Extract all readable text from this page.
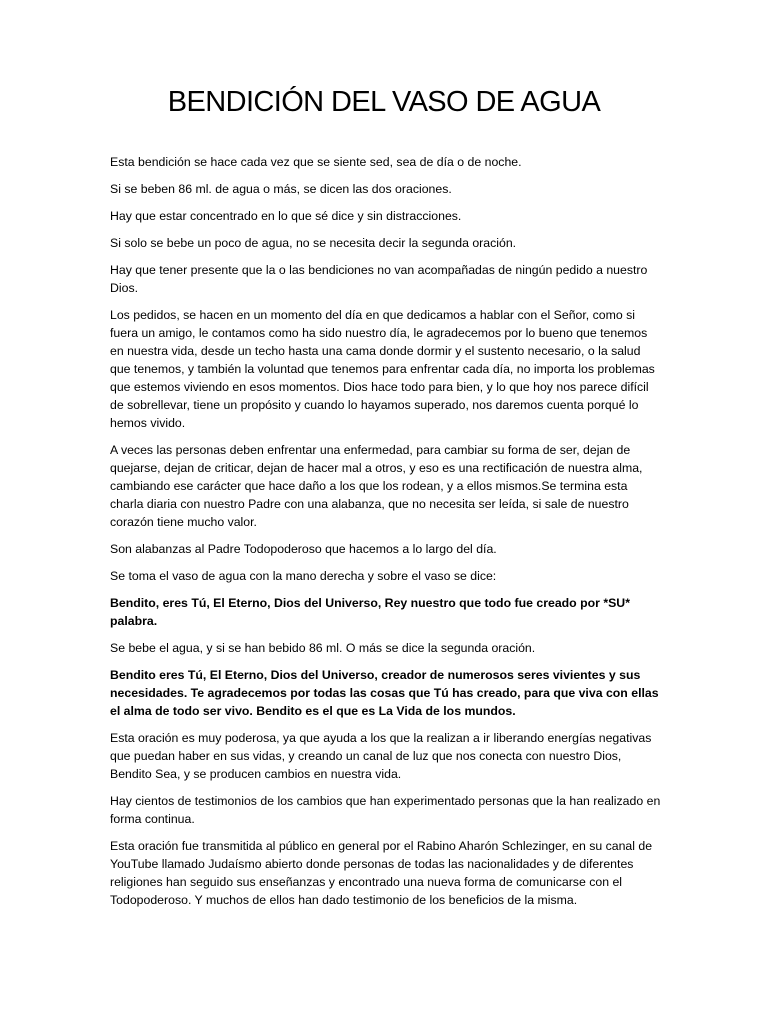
BENDICIÓN DEL VASO DE AGUA

Esta bendición se hace cada vez que se siente sed, sea de día o de noche.

Si se beben 86 ml. de agua o más, se dicen las dos oraciones.

Hay que estar concentrado en lo que sé dice y sin distracciones.

Si solo se bebe un poco de agua, no se necesita decir la segunda oración.

Hay que tener presente que la o las bendiciones no van acompañadas de ningún pedido a nuestro Dios.

Los pedidos, se hacen en un momento del día en que dedicamos a hablar con el Señor, como si fuera un amigo, le contamos como ha sido nuestro día, le agradecemos por lo bueno que tenemos en nuestra vida, desde un techo hasta una cama donde dormir y el sustento necesario, o la salud que tenemos, y también la voluntad que tenemos para enfrentar cada día, no importa los problemas que estemos viviendo en esos momentos. Dios hace todo para bien, y lo que hoy nos parece difícil de sobrellevar, tiene un propósito y cuando lo hayamos superado, nos daremos cuenta porqué lo hemos vivido.

A veces las personas deben enfrentar una enfermedad, para cambiar su forma de ser, dejan de quejarse, dejan de criticar, dejan de hacer mal a otros, y eso es una rectificación de nuestra alma, cambiando ese carácter que hace daño a los que los rodean, y a ellos mismos.Se termina esta charla diaria con nuestro Padre con una alabanza, que no necesita ser leída, si sale de nuestro corazón tiene mucho valor.

Son alabanzas al Padre Todopoderoso que hacemos a lo largo del día.

Se toma el vaso de agua con la mano derecha y sobre el vaso se dice:

Bendito, eres Tú, El Eterno, Dios del Universo, Rey nuestro que todo fue creado por *SU* palabra.

Se bebe el agua, y si se han bebido 86 ml. O más se dice la segunda oración.

Bendito eres Tú, El Eterno, Dios del Universo, creador de numerosos seres vivientes y sus necesidades. Te agradecemos por todas las cosas que Tú has creado, para que viva con ellas el alma de todo ser vivo. Bendito es el que es La Vida de los mundos.

Esta oración es muy poderosa, ya que ayuda a los que la realizan a ir liberando energías negativas que puedan haber en sus vidas, y creando un canal de luz que nos conecta con nuestro Dios, Bendito Sea, y se producen cambios en nuestra vida.

Hay cientos de testimonios de los cambios que han experimentado personas que la han realizado en forma continua.

Esta oración fue transmitida al público en general por el Rabino Aharón Schlezinger, en su canal de YouTube llamado Judaísmo abierto donde personas de todas las nacionalidades y de diferentes religiones han seguido sus enseñanzas y encontrado una nueva forma de comunicarse con el Todopoderoso. Y muchos de ellos han dado testimonio de los beneficios de la misma.
